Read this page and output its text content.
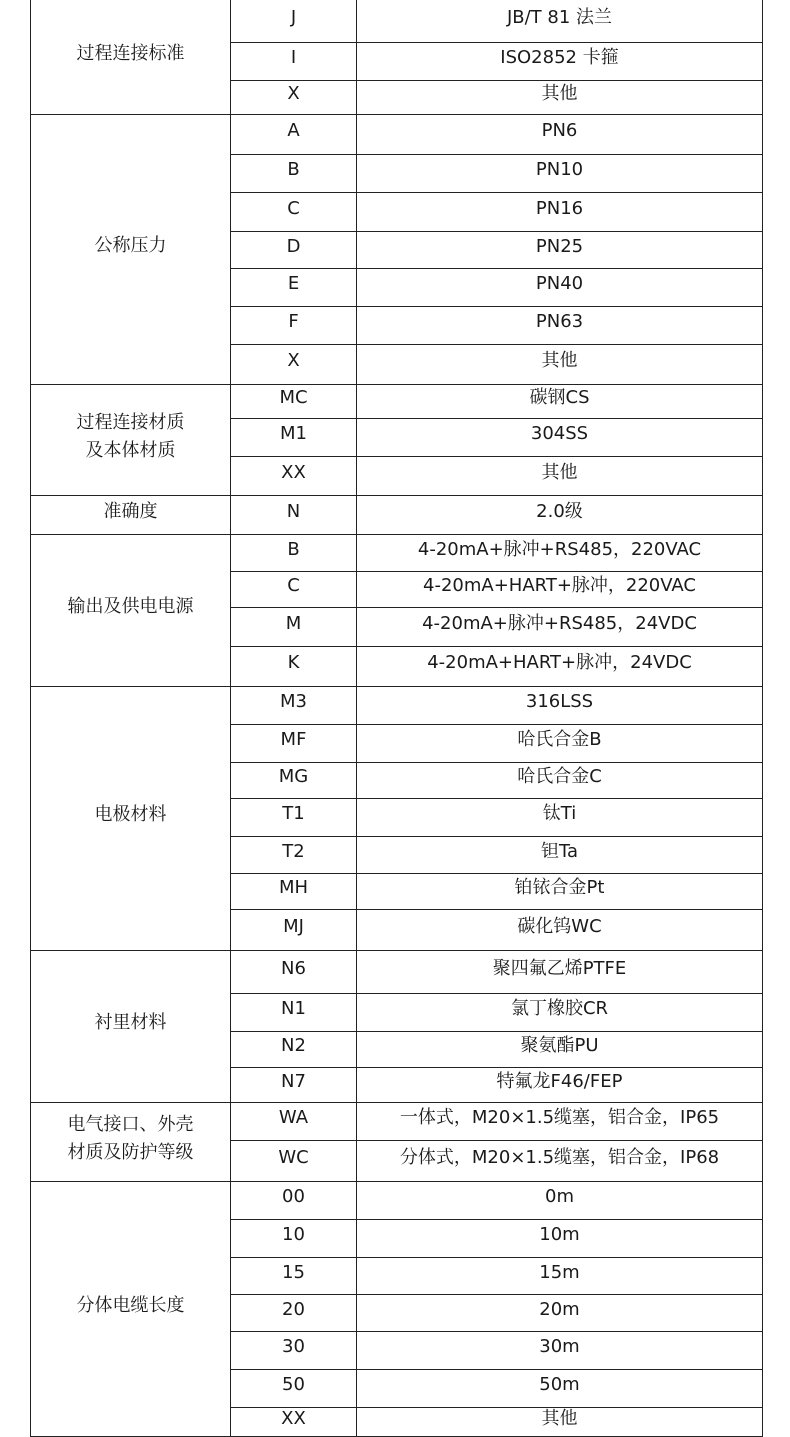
过程连接标准
J	JB/T 81 法兰
I	ISO2852 卡箍
X	其他
公称压力
A	PN6
B	PN10
C	PN16
D	PN25
E	PN40
F	PN63
X	其他
过程连接材质
及本体材质
MC	碳钢CS
M1	304SS
XX	其他
准确度	N	2.0级
输出及供电电源
B	4-20mA+脉冲+RS485，220VAC
C	4-20mA+HART+脉冲，220VAC
M	4-20mA+脉冲+RS485，24VDC
K	4-20mA+HART+脉冲，24VDC
电极材料
M3	316LSS
MF	哈氏合金B
MG	哈氏合金C
T1	钛Ti
T2	钽Ta
MH	铂铱合金Pt
MJ	碳化钨WC
衬里材料
N6	聚四氟乙烯PTFE
N1	氯丁橡胶CR
N2	聚氨酯PU
N7	特氟龙F46/FEP
电气接口、外壳
材质及防护等级
WA	一体式，M20×1.5缆塞，铝合金，IP65
WC	分体式，M20×1.5缆塞，铝合金，IP68
分体电缆长度
00	0m
10	10m
15	15m
20	20m
30	30m
50	50m
XX	其他
